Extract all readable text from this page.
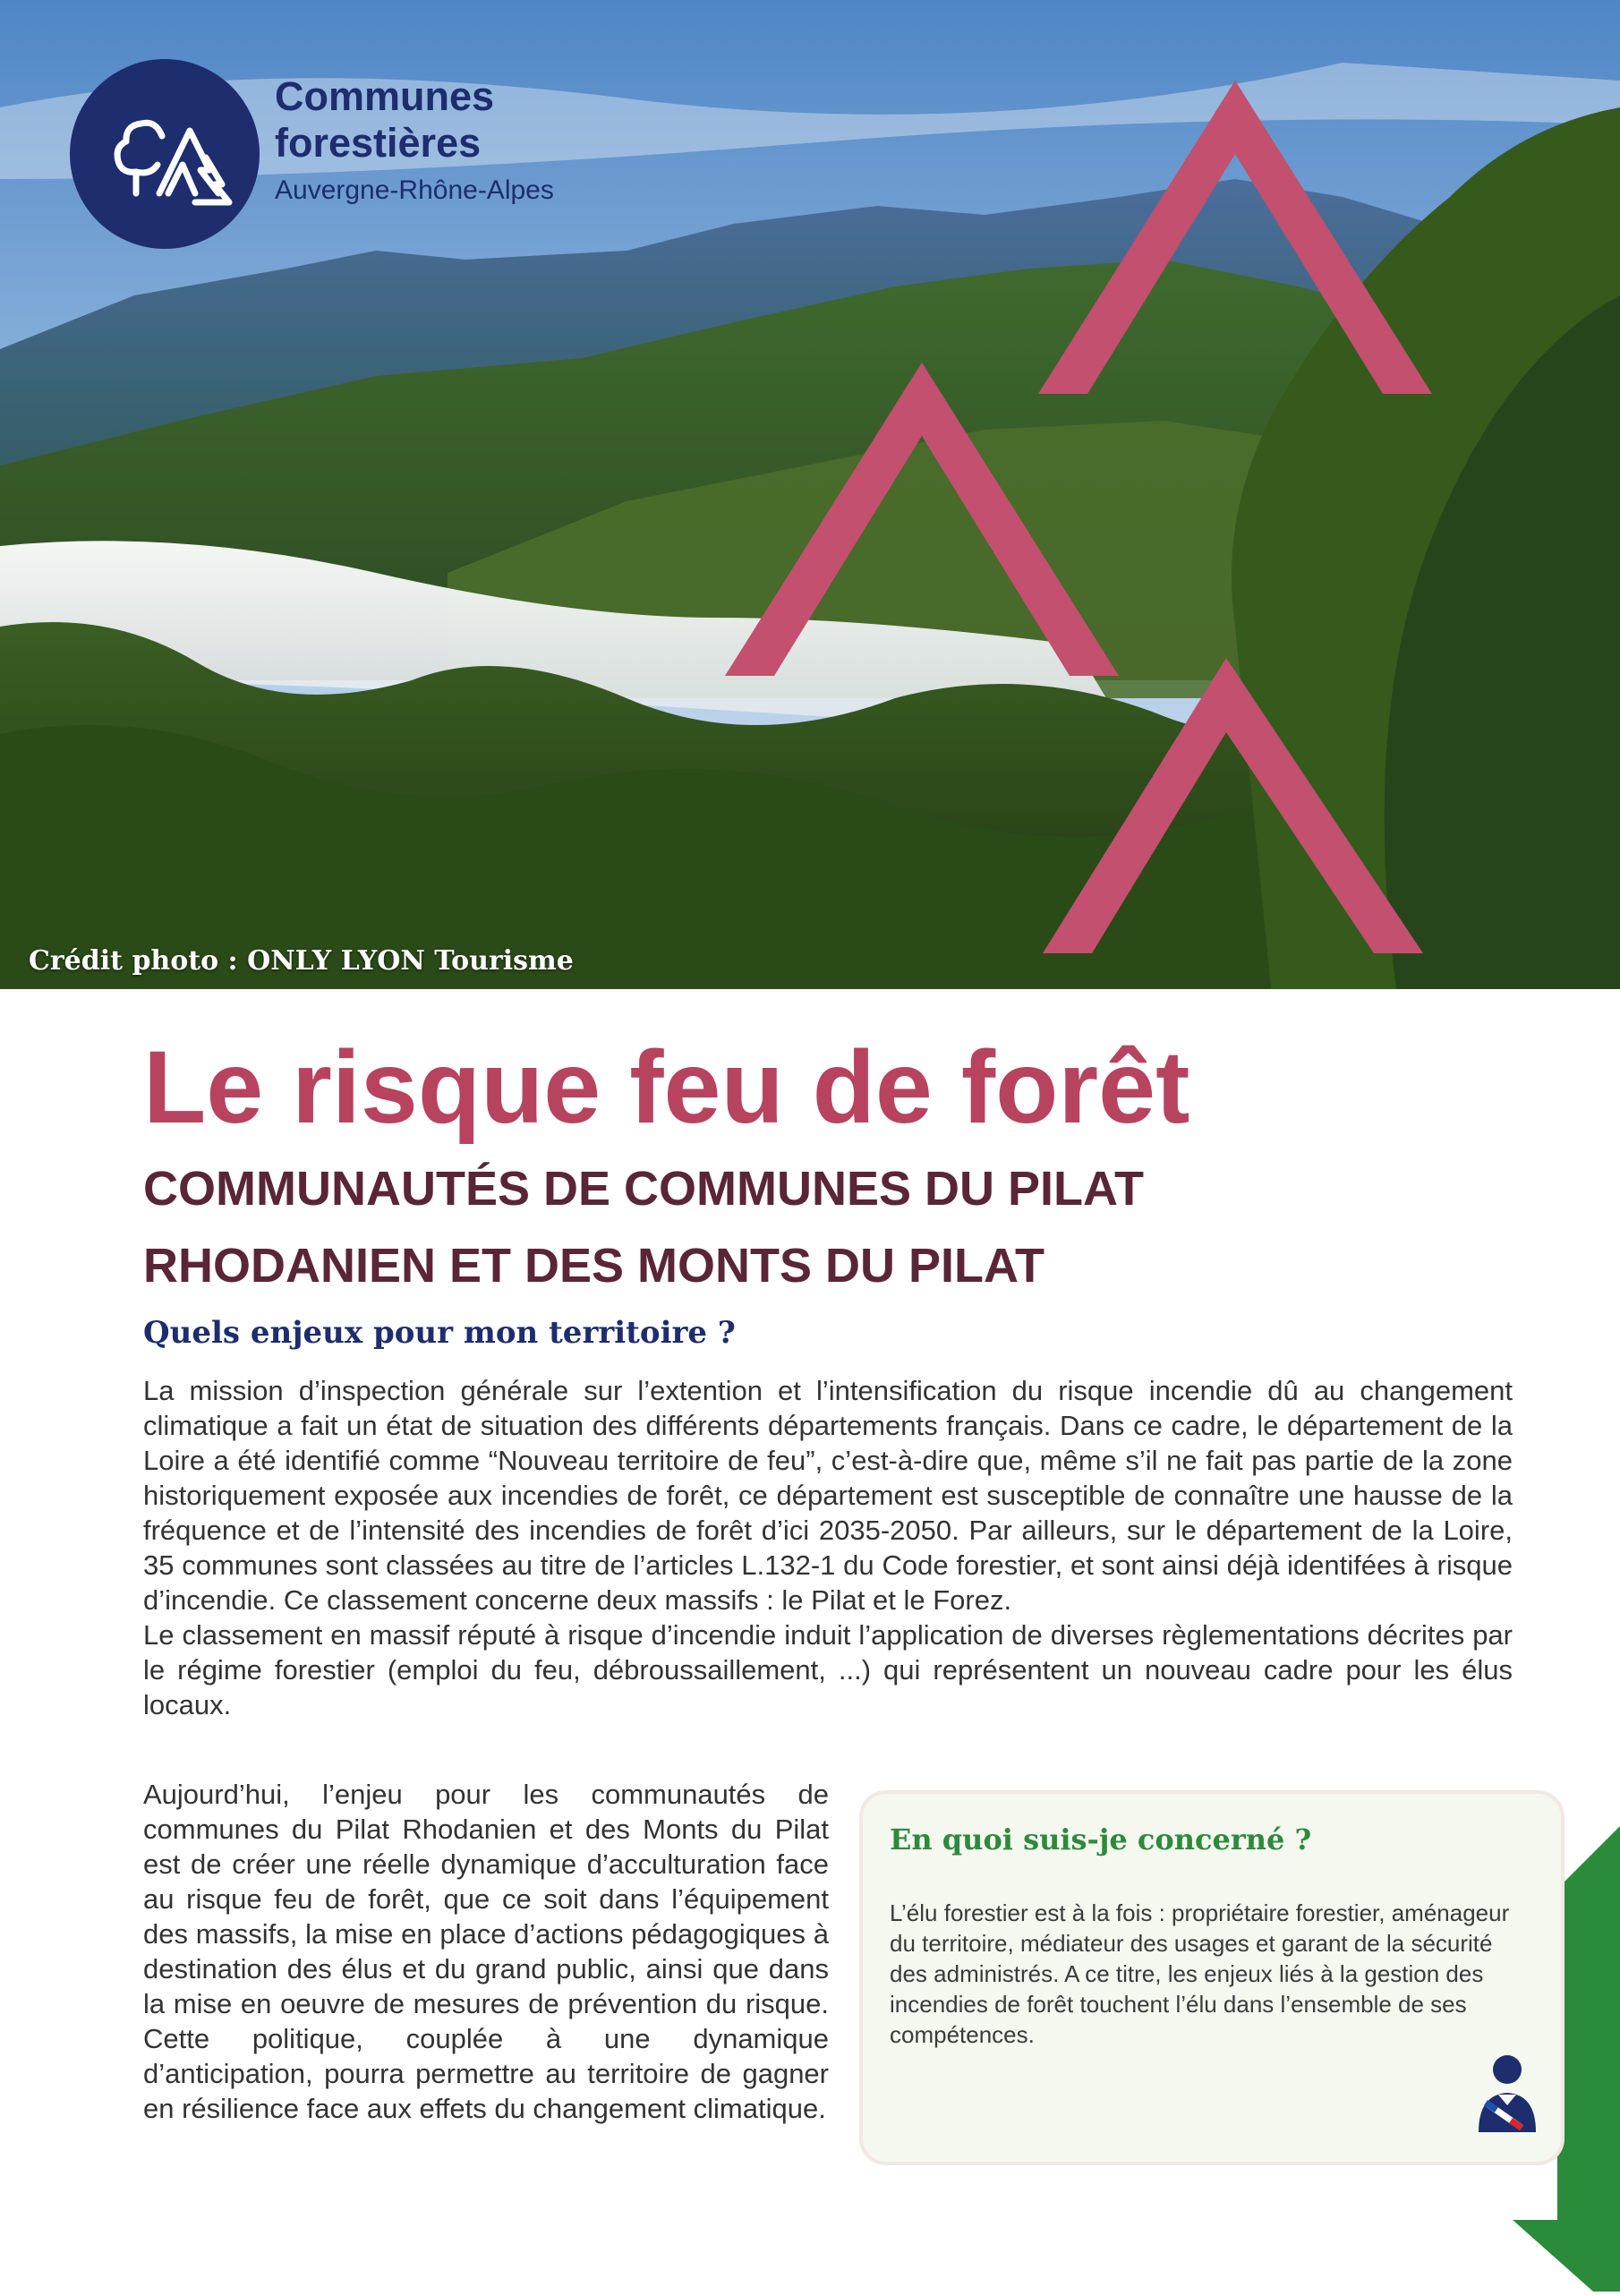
Crédit photo : ONLY LYON Tourisme
Communes forestières
Auvergne-Rhône-Alpes
Le risque feu de forêt
COMMUNAUTÉS DE COMMUNES DU PILAT
RHODANIEN ET DES MONTS DU PILAT
Quels enjeux pour mon territoire ?

La mission d’inspection générale sur l’extention et l’intensification du risque incendie dû au changement climatique a fait un état de situation des différents départements français. Dans ce cadre, le département de la Loire a été identifié comme “Nouveau territoire de feu”, c’est-à-dire que, même s’il ne fait pas partie de la zone historiquement exposée aux incendies de forêt, ce département est susceptible de connaître une hausse de la fréquence et de l’intensité des incendies de forêt d’ici 2035-2050. Par ailleurs, sur le département de la Loire, 35 communes sont classées au titre de l’articles L.132-1 du Code forestier, et sont ainsi déjà identifées à risque d’incendie. Ce classement concerne deux massifs : le Pilat et le Forez.

Le classement en massif réputé à risque d’incendie induit l’application de diverses règlementations décrites par le régime forestier (emploi du feu, débroussaillement, ...) qui représentent un nouveau cadre pour les élus locaux.

Aujourd’hui, l’enjeu pour les communautés de communes du Pilat Rhodanien et des Monts du Pilat est de créer une réelle dynamique d’acculturation face au risque feu de forêt, que ce soit dans l’équipement des massifs, la mise en place d’actions pédagogiques à destination des élus et du grand public, ainsi que dans la mise en oeuvre de mesures de prévention du risque. Cette politique, couplée à une dynamique d’anticipation, pourra permettre au territoire de gagner en résilience face aux effets du changement climatique.

En quoi suis-je concerné ?

L’élu forestier est à la fois : propriétaire forestier, aménageur du territoire, médiateur des usages et garant de la sécurité des administrés. A ce titre, les enjeux liés à la gestion des incendies de forêt touchent l’élu dans l’ensemble de ses compétences.
